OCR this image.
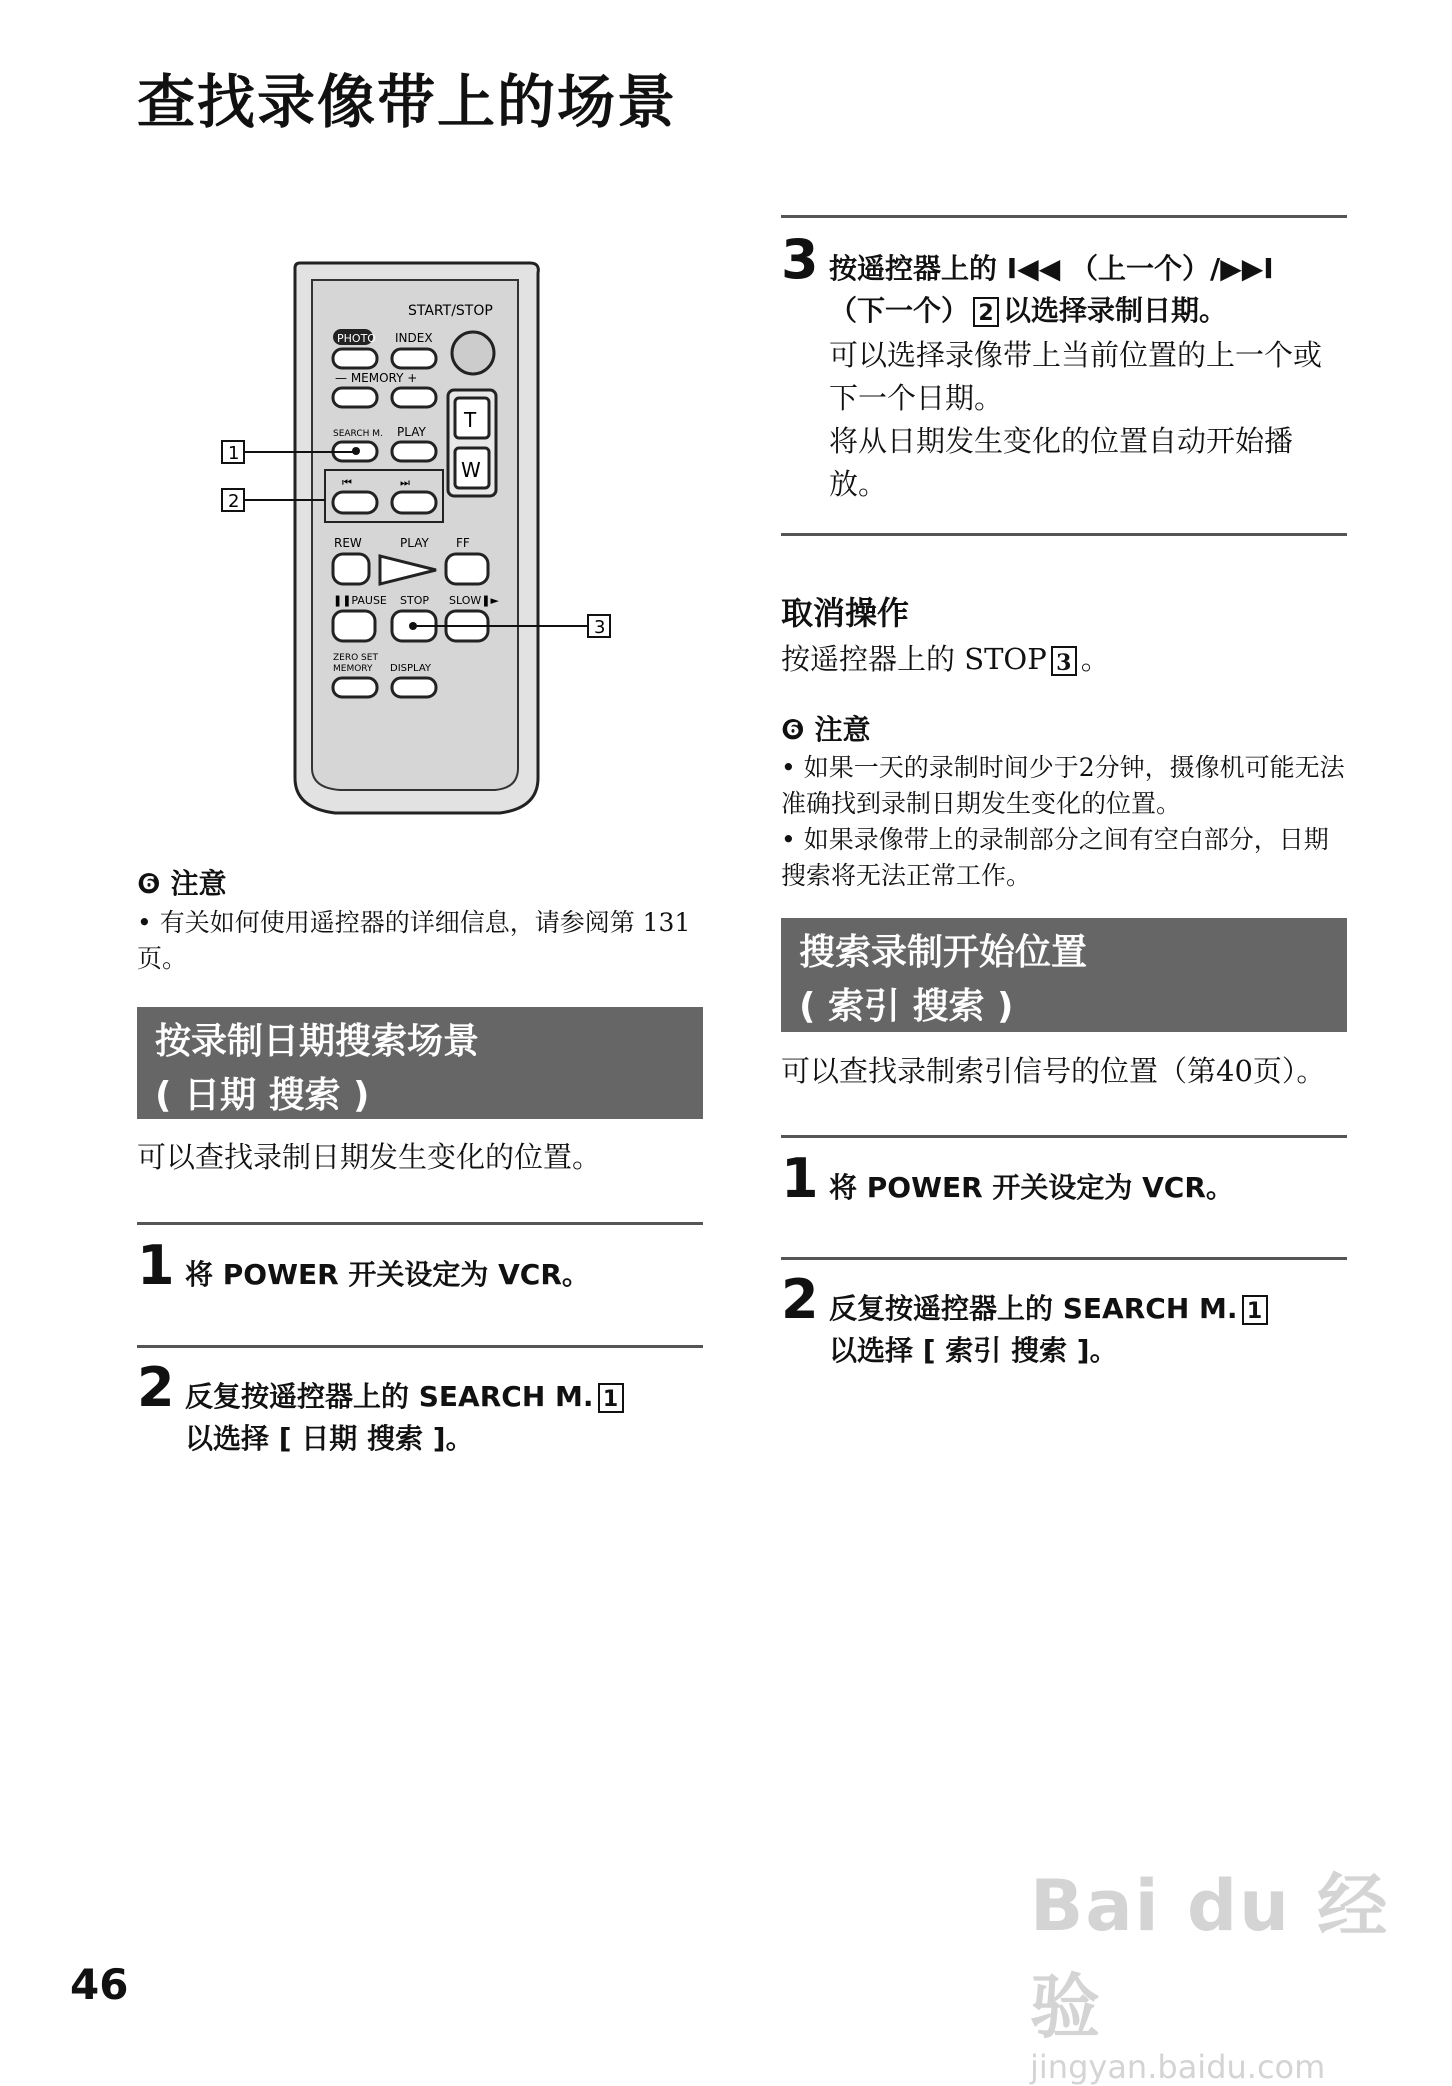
查找录像带上的场景
START/STOP
PHOTO INDEX
— MEMORY +
T
W
SEARCH M. PLAY
⏮	⏭
REW	PLAY FF
❚❚PAUSE STOP SLOW❚►
ZERO SET
MEMORY DISPLAY
1
2
3
❻ 注意
• 有关如何使用遥控器的详细信息，请参阅第 131 页。
按录制日期搜索场景
( 日期 搜索 )
可以查找录制日期发生变化的位置。
1 将 POWER 开关设定为 VCR。
2 反复按遥控器上的 SEARCH M. 1
以选择 [ 日期 搜索 ]。
3 按遥控器上的 I◀◀ （上一个）/▶▶I
（下一个） 2 以选择录制日期。
可以选择录像带上当前位置的上一个或下一个日期。
将从日期发生变化的位置自动开始播放。
取消操作
按遥控器上的 STOP 3 。
❻ 注意
• 如果一天的录制时间少于2分钟，摄像机可能无法准确找到录制日期发生变化的位置。
• 如果录像带上的录制部分之间有空白部分，日期 搜索将无法正常工作。
搜索录制开始位置
( 索引 搜索 )
可以查找录制索引信号的位置（第40页）。
1 将 POWER 开关设定为 VCR。
2 反复按遥控器上的 SEARCH M. 1
以选择 [ 索引 搜索 ]。
46
Bai du 经验
jingyan.baidu.com
